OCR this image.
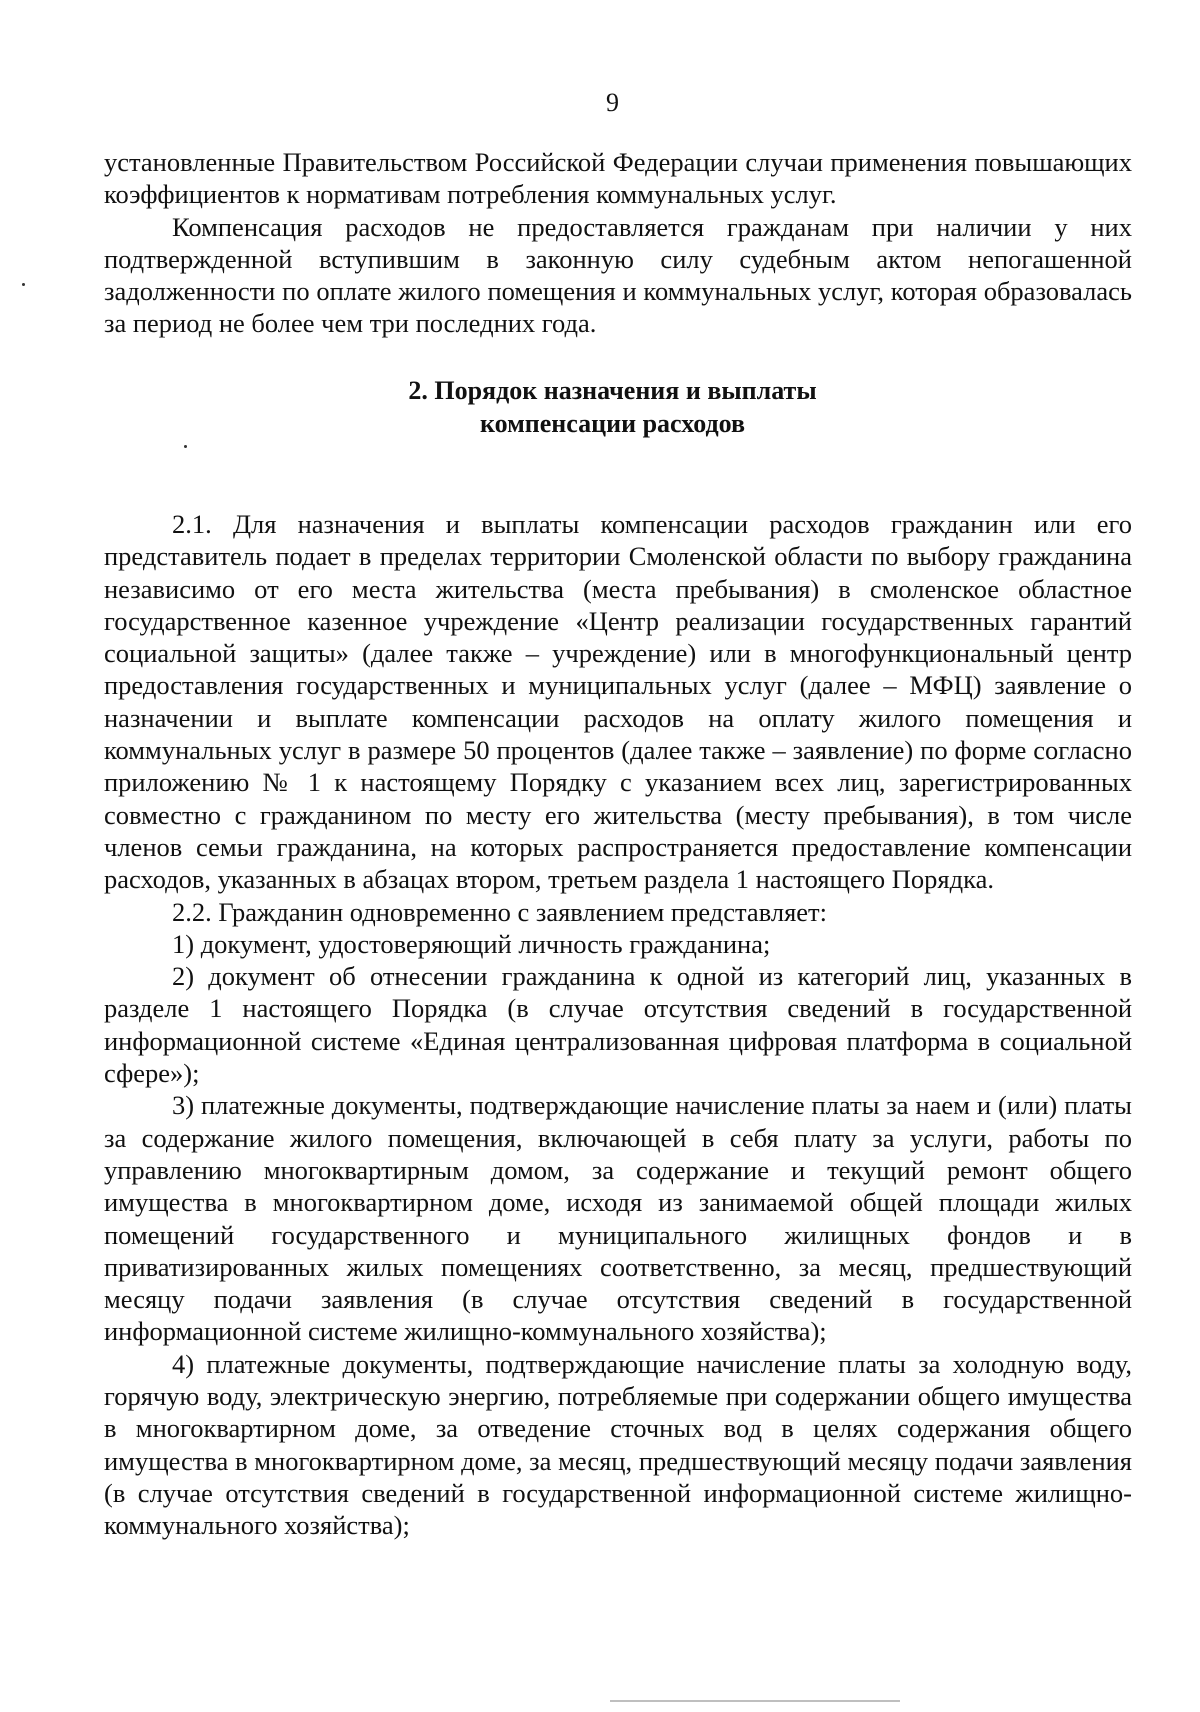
9

установленные Правительством Российской Федерации случаи применения повышающих коэффициентов к нормативам потребления коммунальных услуг.

Компенсация расходов не предоставляется гражданам при наличии у них подтвержденной вступившим в законную силу судебным актом непогашенной задолженности по оплате жилого помещения и коммунальных услуг, которая образовалась за период не более чем три последних года.

2. Порядок назначения и выплаты
компенсации расходов

2.1. Для назначения и выплаты компенсации расходов гражданин или его представитель подает в пределах территории Смоленской области по выбору гражданина независимо от его места жительства (места пребывания) в смоленское областное государственное казенное учреждение «Центр реализации государственных гарантий социальной защиты» (далее также – учреждение) или в многофункциональный центр предоставления государственных и муниципальных услуг (далее – МФЦ) заявление о назначении и выплате компенсации расходов на оплату жилого помещения и коммунальных услуг в размере 50 процентов (далее также – заявление) по форме согласно приложению № 1 к настоящему Порядку с указанием всех лиц, зарегистрированных совместно с гражданином по месту его жительства (месту пребывания), в том числе членов семьи гражданина, на которых распространяется предоставление компенсации расходов, указанных в абзацах втором, третьем раздела 1 настоящего Порядка.

2.2. Гражданин одновременно с заявлением представляет:

1) документ, удостоверяющий личность гражданина;

2) документ об отнесении гражданина к одной из категорий лиц, указанных в разделе 1 настоящего Порядка (в случае отсутствия сведений в государственной информационной системе «Единая централизованная цифровая платформа в социальной сфере»);

3) платежные документы, подтверждающие начисление платы за наем и (или) платы за содержание жилого помещения, включающей в себя плату за услуги, работы по управлению многоквартирным домом, за содержание и текущий ремонт общего имущества в многоквартирном доме, исходя из занимаемой общей площади жилых помещений государственного и муниципального жилищных фондов и в приватизированных жилых помещениях соответственно, за месяц, предшествующий месяцу подачи заявления (в случае отсутствия сведений в государственной информационной системе жилищно-коммунального хозяйства);

4) платежные документы, подтверждающие начисление платы за холодную воду, горячую воду, электрическую энергию, потребляемые при содержании общего имущества в многоквартирном доме, за отведение сточных вод в целях содержания общего имущества в многоквартирном доме, за месяц, предшествующий месяцу подачи заявления (в случае отсутствия сведений в государственной информационной системе жилищно-коммунального хозяйства);
